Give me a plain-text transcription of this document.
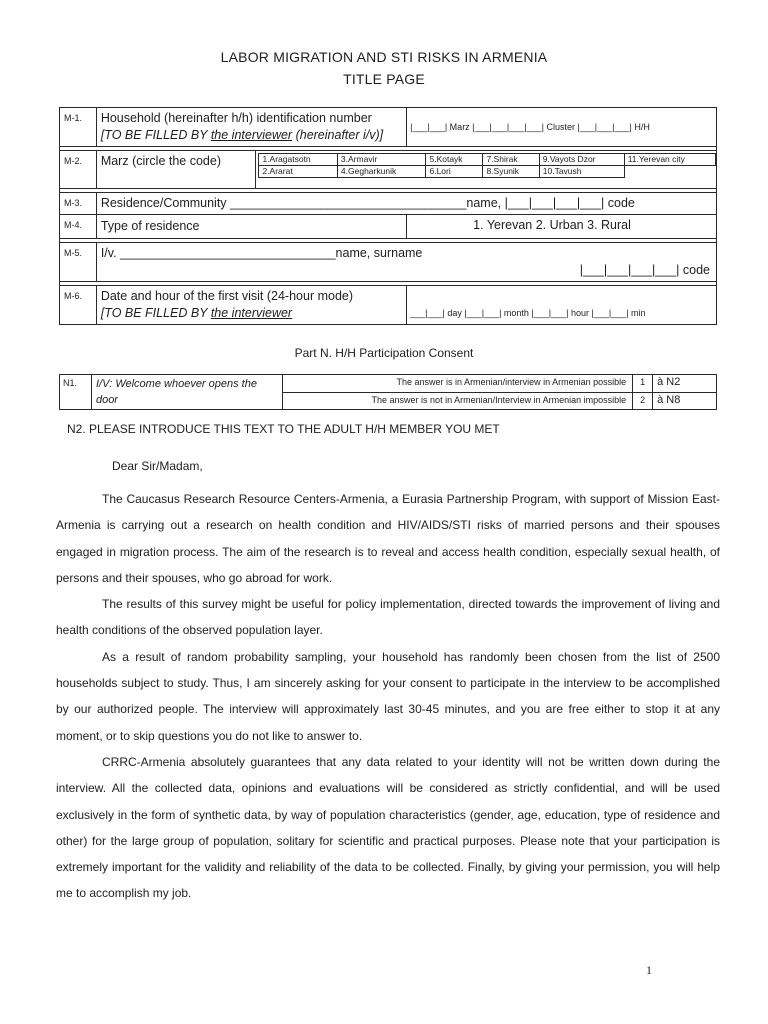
LABOR MIGRATION AND STI RISKS IN ARMENIA
TITLE PAGE
M-1.	Household (hereinafter h/h) identification number
[TO BE FILLED BY the interviewer (hereinafter i/v)]	|___|___| Marz |___|___|___|___| Cluster |___|___|___| H/H

M-2.	Marz (circle the code)		1.Aragatsotn	3.Armavir	5.Kotayk	7.Shirak	9.Vayots Dzor	11.Yerevan city
2.Ararat	4.Gegharkunik	6.Lori	8.Syunik	10.Tavush	

M-3.	Residence/Community __________________________________name, |___|___|___|___| code
M-4.	Type of residence	1. Yerevan 2. Urban 3. Rural

M-5.	I/v. _______________________________name, surname
|___|___|___|___| code

M-6.	Date and hour of the first visit (24-hour mode)
[TO BE FILLED BY the interviewer	___|___| day |___|___| month |___|___| hour |___|___| min
Part N. H/H Participation Consent
N1.	I/V: Welcome whoever opens the door	The answer is in Armenian/interview in Armenian possible	1	à N2
		The answer is not in Armenian/Interview in Armenian impossible	2	à N8
N2. PLEASE INTRODUCE THIS TEXT TO THE ADULT H/H MEMBER YOU MET
Dear Sir/Madam,

The Caucasus Research Resource Centers-Armenia, a Eurasia Partnership Program, with support of Mission East-Armenia is carrying out a research on health condition and HIV/AIDS/STI risks of married persons and their spouses engaged in migration process. The aim of the research is to reveal and access health condition, especially sexual health, of persons and their spouses, who go abroad for work.

The results of this survey might be useful for policy implementation, directed towards the improvement of living and health conditions of the observed population layer.

As a result of random probability sampling, your household has randomly been chosen from the list of 2500 households subject to study. Thus, I am sincerely asking for your consent to participate in the interview to be accomplished by our authorized people. The interview will approximately last 30-45 minutes, and you are free either to stop it at any moment, or to skip questions you do not like to answer to.

CRRC-Armenia absolutely guarantees that any data related to your identity will not be written down during the interview. All the collected data, opinions and evaluations will be considered as strictly confidential, and will be used exclusively in the form of synthetic data, by way of population characteristics (gender, age, education, type of residence and other) for the large group of population, solitary for scientific and practical purposes. Please note that your participation is extremely important for the validity and reliability of the data to be collected. Finally, by giving your permission, you will help me to accomplish my job.

1
